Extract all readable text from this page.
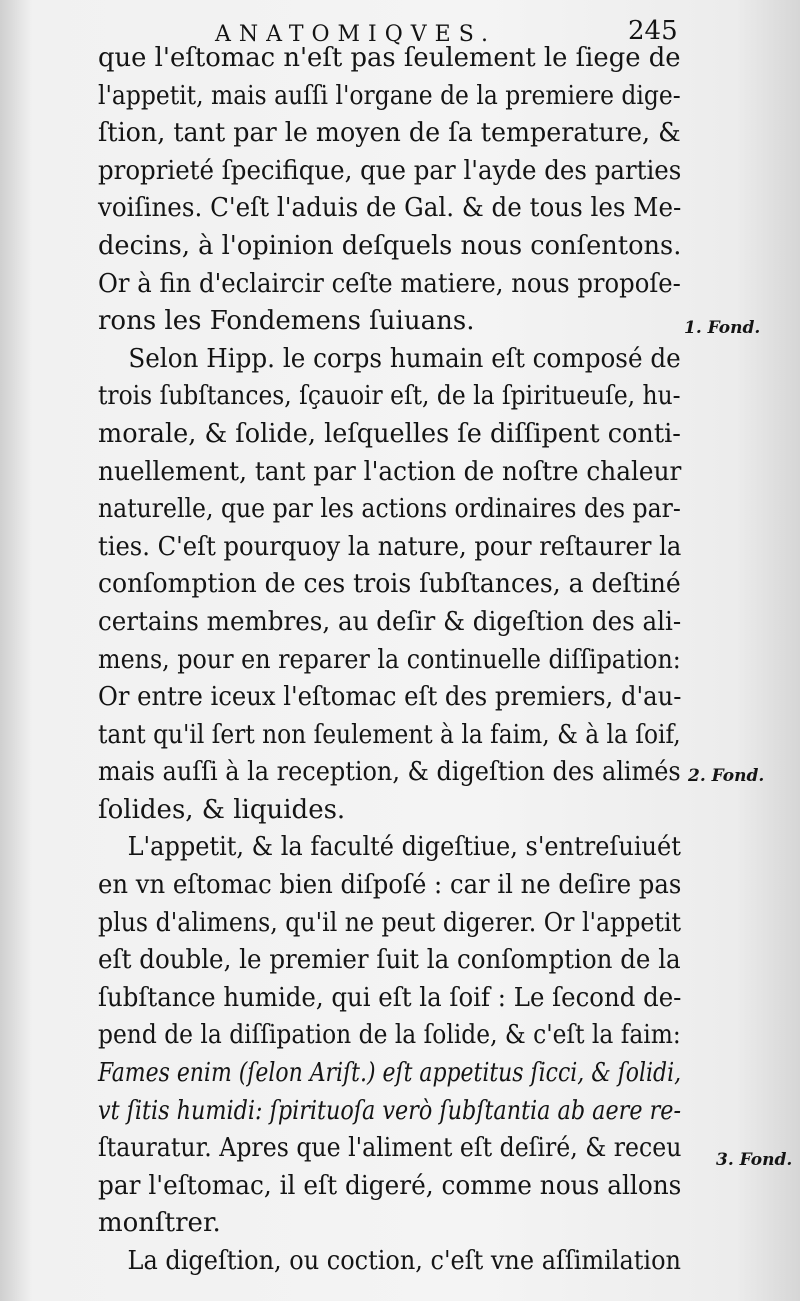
ANATOMIQVES.	245
que l'eſtomac n'eſt pas ſeulement le ſiege de
l'appetit, mais auſſi l'organe de la premiere dige-
ſtion, tant par le moyen de ſa temperature, &
proprieté ſpecifique, que par l'ayde des parties
voiſines. C'eſt l'aduis de Gal. & de tous les Me-
decins, à l'opinion deſquels nous conſentons.
Or à fin d'eclaircir ceſte matiere, nous propoſe-
rons les Fondemens ſuiuans.
Selon Hipp. le corps humain eſt composé de
trois ſubſtances, ſçauoir eſt, de la ſpiritueuſe, hu-
morale, & ſolide, leſquelles ſe diſſipent conti-
nuellement, tant par l'action de noſtre chaleur
naturelle, que par les actions ordinaires des par-
ties. C'eſt pourquoy la nature, pour reſtaurer la
conſomption de ces trois ſubſtances, a deſtiné
certains membres, au deſir & digeſtion des ali-
mens, pour en reparer la continuelle diſſipation:
Or entre iceux l'eſtomac eſt des premiers, d'au-
tant qu'il ſert non ſeulement à la faim, & à la ſoif,
mais auſſi à la reception, & digeſtion des alimés
ſolides, & liquides.
L'appetit, & la faculté digeſtiue, s'entreſuiuét
en vn eſtomac bien diſpoſé : car il ne deſire pas
plus d'alimens, qu'il ne peut digerer. Or l'appetit
eſt double, le premier ſuit la conſomption de la
ſubſtance humide, qui eſt la ſoif : Le ſecond de-
pend de la diſſipation de la ſolide, & c'eſt la faim:
Fames enim (ſelon Ariſt.) eſt appetitus ſicci, & ſolidi,
vt ſitis humidi: ſpirituoſa verò ſubſtantia ab aere re-
ſtauratur. Apres que l'aliment eſt deſiré, & receu
par l'eſtomac, il eſt digeré, comme nous allons
monſtrer.
La digeſtion, ou coction, c'eſt vne aſſimilation
1. Fond.
2. Fond.
3. Fond.
